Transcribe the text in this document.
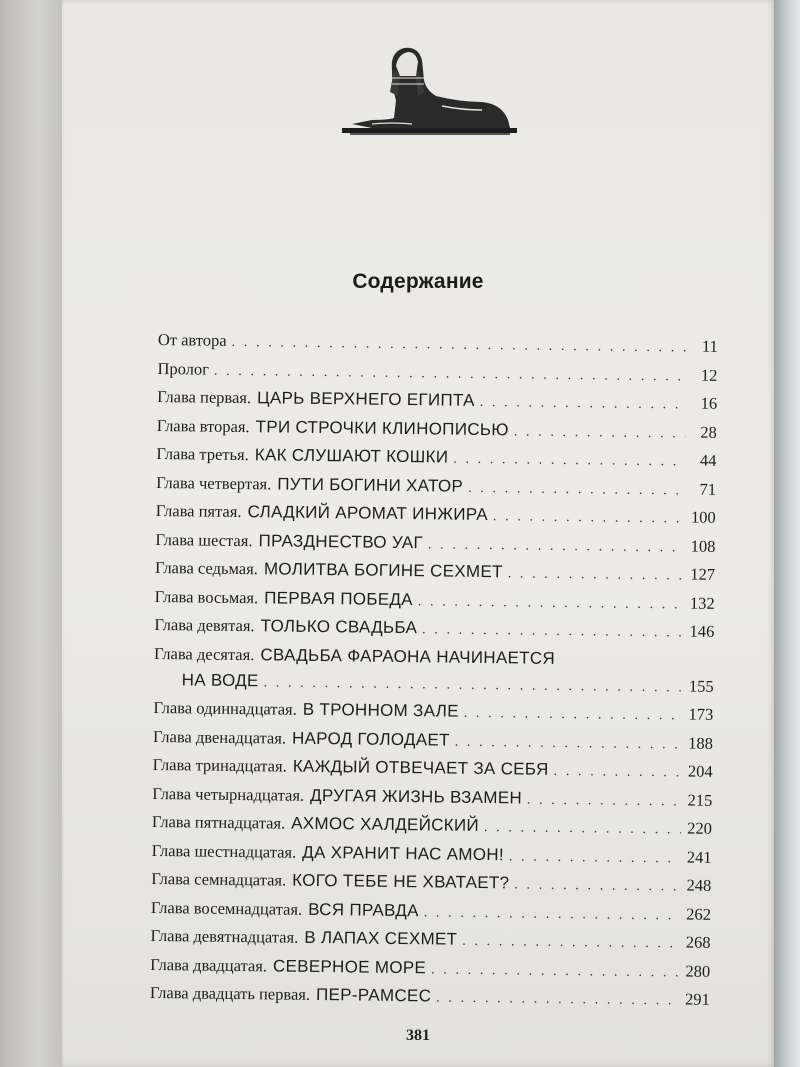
Содержание
От автора . . .	11
Пролог . . .	12
Глава первая. ЦАРЬ ВЕРХНЕГО ЕГИПТА . . .	16
Глава вторая. ТРИ СТРОЧКИ КЛИНОПИСЬЮ . . .	28
Глава третья. КАК СЛУШАЮТ КОШКИ . . .	44
Глава четвертая. ПУТИ БОГИНИ ХАТОР . . .	71
Глава пятая. СЛАДКИЙ АРОМАТ ИНЖИРА . . .	100
Глава шестая. ПРАЗДНЕСТВО УАГ . . .	108
Глава седьмая. МОЛИТВА БОГИНЕ СЕХМЕТ . . .	127
Глава восьмая. ПЕРВАЯ ПОБЕДА . . .	132
Глава девятая. ТОЛЬКО СВАДЬБА . . .	146
Глава десятая. СВАДЬБА ФАРАОНА НАЧИНАЕТСЯ
НА ВОДЕ . . .	155
Глава одиннадцатая. В ТРОННОМ ЗАЛЕ . . .	173
Глава двенадцатая. НАРОД ГОЛОДАЕТ . . .	188
Глава тринадцатая. КАЖДЫЙ ОТВЕЧАЕТ ЗА СЕБЯ . . .	204
Глава четырнадцатая. ДРУГАЯ ЖИЗНЬ ВЗАМЕН . . .	215
Глава пятнадцатая. АХМОС ХАЛДЕЙСКИЙ . . .	220
Глава шестнадцатая. ДА ХРАНИТ НАС АМОН! . . .	241
Глава семнадцатая. КОГО ТЕБЕ НЕ ХВАТАЕТ? . . .	248
Глава восемнадцатая. ВСЯ ПРАВДА . . .	262
Глава девятнадцатая. В ЛАПАХ СЕХМЕТ . . .	268
Глава двадцатая. СЕВЕРНОЕ МОРЕ . . .	280
Глава двадцать первая. ПЕР-РАМСЕС . . .	291
381
